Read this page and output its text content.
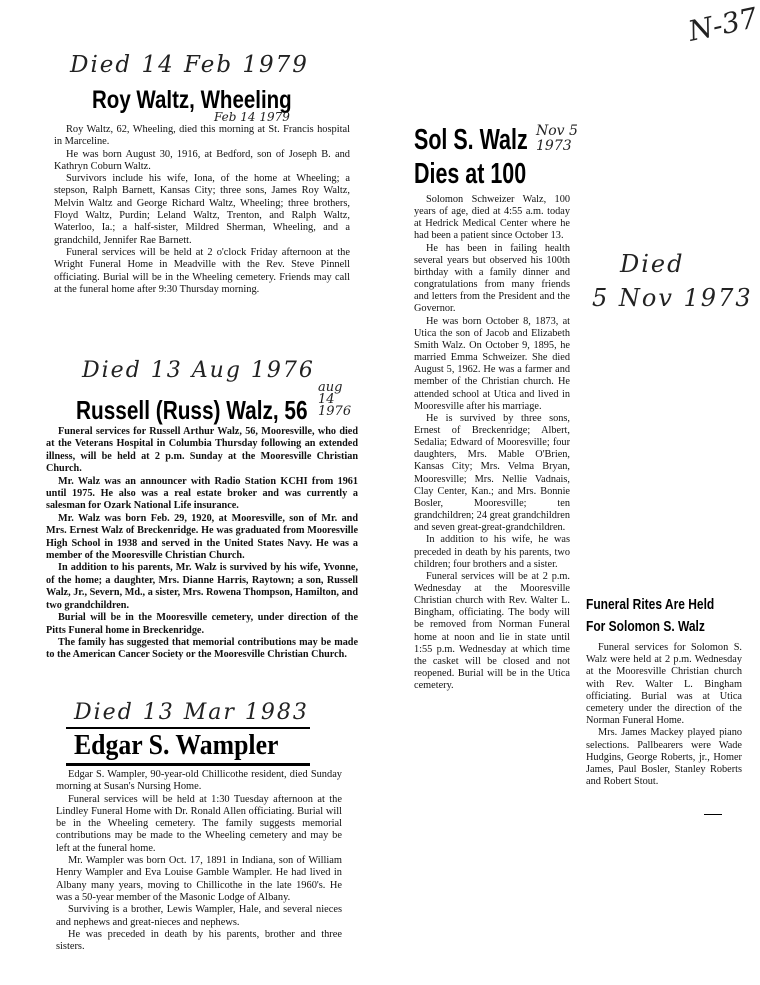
N-37
Died 14 Feb 1979
Roy Waltz, Wheeling
Feb 14 1979

Roy Waltz, 62, Wheeling, died this morning at St. Francis hospital in Marceline.

He was born August 30, 1916, at Bedford, son of Joseph B. and Kathryn Coburn Waltz.

Survivors include his wife, Iona, of the home at Wheeling; a stepson, Ralph Barnett, Kansas City; three sons, James Roy Waltz, Melvin Waltz and George Richard Waltz, Wheeling; three brothers, Floyd Waltz, Purdin; Leland Waltz, Trenton, and Ralph Waltz, Waterloo, Ia.; a half-sister, Mildred Sherman, Wheeling, and a grandchild, Jennifer Rae Barnett.

Funeral services will be held at 2 o'clock Friday afternoon at the Wright Funeral Home in Meadville with the Rev. Steve Pinnell officiating. Burial will be in the Wheeling cemetery. Friends may call at the funeral home after 9:30 Thursday morning.

Died 13 Aug 1976
Russell (Russ) Walz, 56
aug 14 1976

Funeral services for Russell Arthur Walz, 56, Mooresville, who died at the Veterans Hospital in Columbia Thursday following an extended illness, will be held at 2 p.m. Sunday at the Mooresville Christian Church.

Mr. Walz was an announcer with Radio Station KCHI from 1961 until 1975. He also was a real estate broker and was currently a salesman for Ozark National Life insurance.

Mr. Walz was born Feb. 29, 1920, at Mooresville, son of Mr. and Mrs. Ernest Walz of Breckenridge. He was graduated from Mooresville High School in 1938 and served in the United States Navy. He was a member of the Mooresville Christian Church.

In addition to his parents, Mr. Walz is survived by his wife, Yvonne, of the home; a daughter, Mrs. Dianne Harris, Raytown; a son, Russell Walz, Jr., Severn, Md., a sister, Mrs. Rowena Thompson, Hamilton, and two grandchildren.

Burial will be in the Mooresville cemetery, under direction of the Pitts Funeral home in Breckenridge.

The family has suggested that memorial contributions may be made to the American Cancer Society or the Mooresville Christian Church.

Died 13 Mar 1983
Edgar S. Wampler

Edgar S. Wampler, 90-year-old Chillicothe resident, died Sunday morning at Susan's Nursing Home.

Funeral services will be held at 1:30 Tuesday afternoon at the Lindley Funeral Home with Dr. Ronald Allen officiating. Burial will be in the Wheeling cemetery. The family suggests memorial contributions may be made to the Wheeling cemetery and may be left at the funeral home.

Mr. Wampler was born Oct. 17, 1891 in Indiana, son of William Henry Wampler and Eva Louise Gamble Wampler. He had lived in Albany many years, moving to Chillicothe in the late 1960's. He was a 50-year member of the Masonic Lodge of Albany.

Surviving is a brother, Lewis Wampler, Hale, and several nieces and nephews and great-nieces and nephews.

He was preceded in death by his parents, brother and three sisters.

Sol S. Walz
Dies at 100
Nov 5 1973

Solomon Schweizer Walz, 100 years of age, died at 4:55 a.m. today at Hedrick Medical Center where he had been a patient since October 13.

He has been in failing health several years but observed his 100th birthday with a family dinner and congratulations from many friends and letters from the President and the Governor.

He was born October 8, 1873, at Utica the son of Jacob and Elizabeth Smith Walz. On October 9, 1895, he married Emma Schweizer. She died August 5, 1962. He was a farmer and member of the Christian church. He attended school at Utica and lived in Mooresville after his marriage.

He is survived by three sons, Ernest of Breckenridge; Albert, Sedalia; Edward of Mooresville; four daughters, Mrs. Mable O'Brien, Kansas City; Mrs. Velma Bryan, Mooresville; Mrs. Nellie Vadnais, Clay Center, Kan.; and Mrs. Bonnie Bosler, Mooresville; ten grandchildren; 24 great grandchildren and seven great-great-grandchildren.

In addition to his wife, he was preceded in death by his parents, two children; four brothers and a sister.

Funeral services will be at 2 p.m. Wednesday at the Mooresville Christian church with Rev. Walter L. Bingham, officiating. The body will be removed from Norman Funeral home at noon and lie in state until 1:55 p.m. Wednesday at which time the casket will be closed and not reopened. Burial will be in the Utica cemetery.

Died
5 Nov 1973
Funeral Rites Are Held
For Solomon S. Walz

Funeral services for Solomon S. Walz were held at 2 p.m. Wednesday at the Mooresville Christian church with Rev. Walter L. Bingham officiating. Burial was at Utica cemetery under the direction of the Norman Funeral Home.

Mrs. James Mackey played piano selections. Pallbearers were Wade Hudgins, George Roberts, jr., Homer James, Paul Bosler, Stanley Roberts and Robert Stout.
